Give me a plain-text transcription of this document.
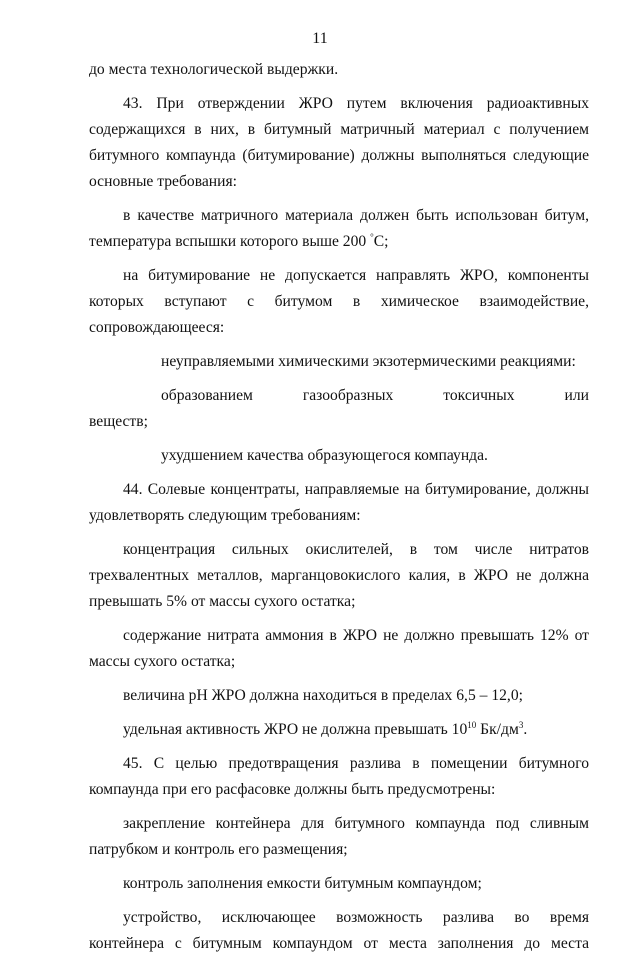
11
до места технологической выдержки.
43. При отверждении ЖРО путем включения радиоактивных
содержащихся в них, в битумный матричный материал с получением
битумного компаунда (битумирование) должны выполняться следующие
основные требования:
в качестве матричного материала должен быть использован битум,
температура вспышки которого выше 200 °С;
на битумирование не допускается направлять ЖРО, компоненты
которых вступают с битумом в химическое взаимодействие,
сопровождающееся:
неуправляемыми химическими экзотермическими реакциями:
образованием газообразных токсичных или
веществ;
ухудшением качества образующегося компаунда.
44. Солевые концентраты, направляемые на битумирование, должны
удовлетворять следующим требованиям:
концентрация сильных окислителей, в том числе нитратов
трехвалентных металлов, марганцовокислого калия, в ЖРО не должна
превышать 5% от массы сухого остатка;
содержание нитрата аммония в ЖРО не должно превышать 12% от
массы сухого остатка;
величина pH ЖРО должна находиться в пределах 6,5 – 12,0;
удельная активность ЖРО не должна превышать $10^{10}$ $Бк/дм^3$.
45. С целью предотвращения разлива в помещении битумного
компаунда при его расфасовке должны быть предусмотрены:
закрепление контейнера для битумного компаунда под сливным
патрубком и контроль его размещения;
контроль заполнения емкости битумным компаундом;
устройство, исключающее возможность разлива во время
контейнера с битумным компаундом от места заполнения до места
